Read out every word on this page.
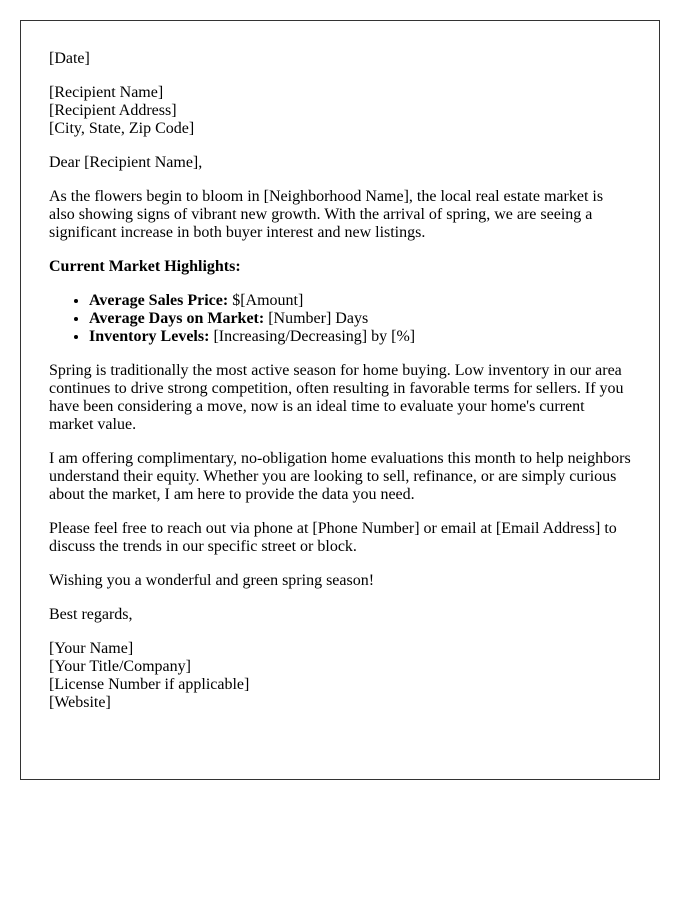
[Date]

[Recipient Name]
[Recipient Address]
[City, State, Zip Code]

Dear [Recipient Name],

As the flowers begin to bloom in [Neighborhood Name], the local real estate market is also showing signs of vibrant new growth. With the arrival of spring, we are seeing a significant increase in both buyer interest and new listings.

Current Market Highlights:

• Average Sales Price: $[Amount]
• Average Days on Market: [Number] Days
• Inventory Levels: [Increasing/Decreasing] by [%]

Spring is traditionally the most active season for home buying. Low inventory in our area continues to drive strong competition, often resulting in favorable terms for sellers. If you have been considering a move, now is an ideal time to evaluate your home's current market value.

I am offering complimentary, no-obligation home evaluations this month to help neighbors understand their equity. Whether you are looking to sell, refinance, or are simply curious about the market, I am here to provide the data you need.

Please feel free to reach out via phone at [Phone Number] or email at [Email Address] to discuss the trends in our specific street or block.

Wishing you a wonderful and green spring season!

Best regards,

[Your Name]
[Your Title/Company]
[License Number if applicable]
[Website]
